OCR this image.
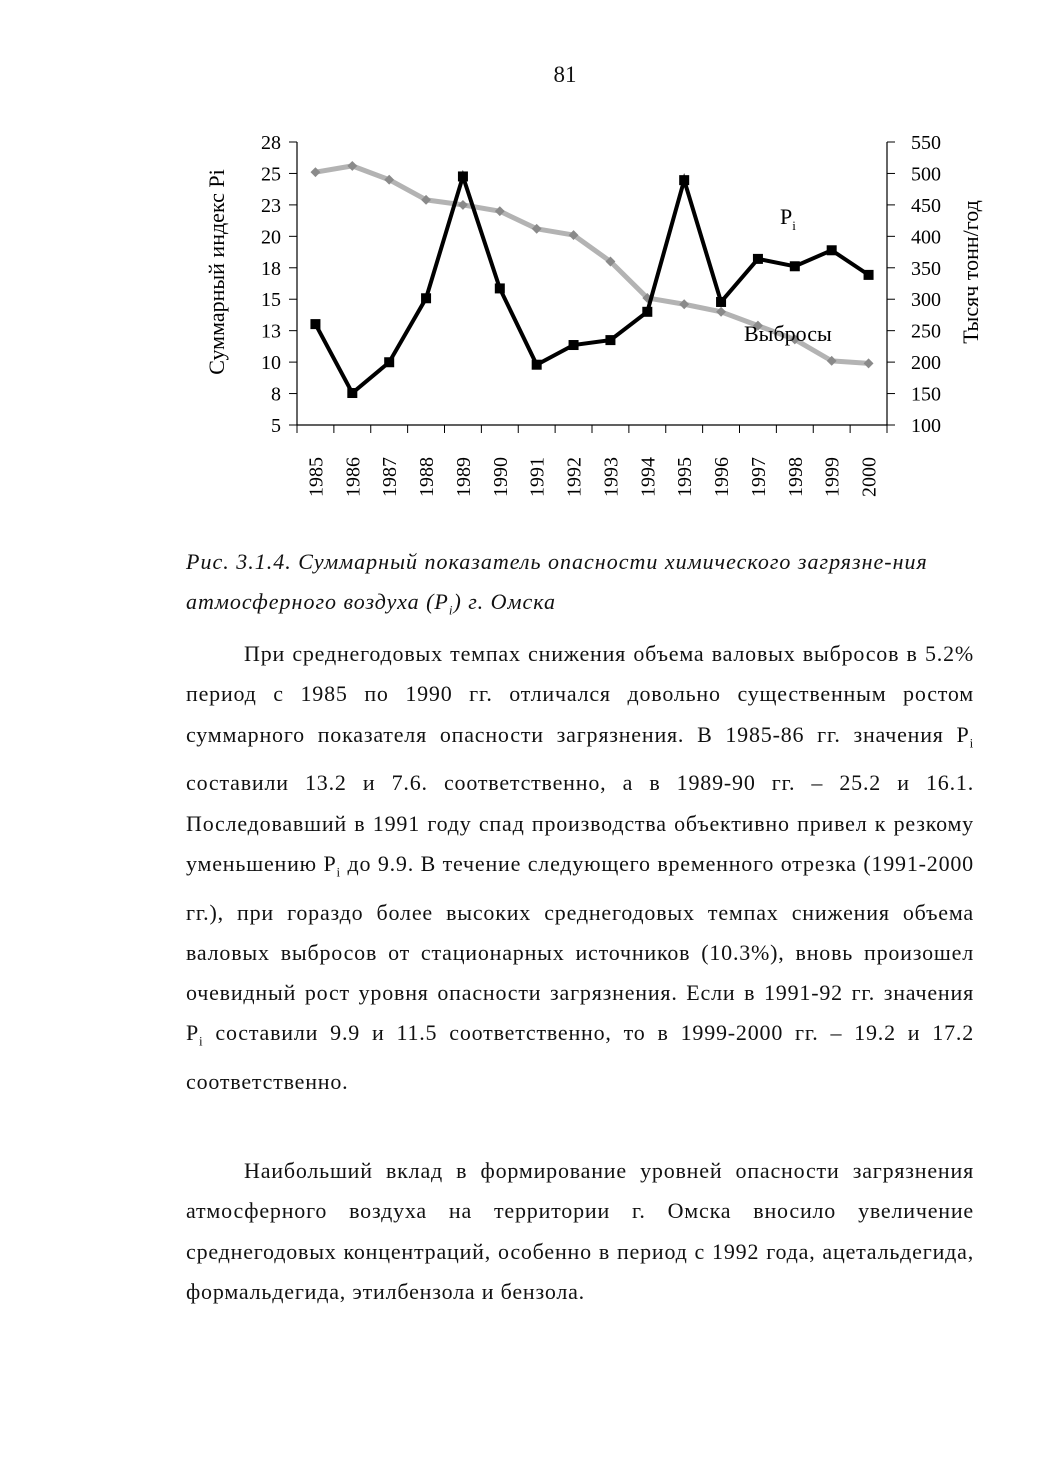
81
28
25
23
20
18
15
13
10
8
5
550
500
450
400
350
300
250
200
150
100
1985 1986 1987 1988 1989 1990 1991 1992 1993 1994 1995 1996 1997 1998 1999 2000
Суммарный индекс Pi	Тысяч тонн/год
$P_i$
Выбросы
Рис. 3.1.4. Суммарный показатель опасности химического загрязне-ния атмосферного воздуха $(P_i)$ г. Омска

При среднегодовых темпах снижения объема валовых выбросов в 5.2% период с 1985 по 1990 гг. отличался довольно существенным ростом суммарного показателя опасности загрязнения. В 1985-86 гг. значения $P_i$ составили 13.2 и 7.6. соответственно, а в 1989-90 гг. – 25.2 и 16.1. Последовавший в 1991 году спад производства объективно привел к резкому уменьшению $P_i$ до 9.9. В течение следующего временного отрезка (1991-2000 гг.), при гораздо более высоких среднегодовых темпах снижения объема валовых выбросов от стационарных источников (10.3%), вновь произошел очевидный рост уровня опасности загрязнения. Если в 1991-92 гг. значения $P_i$ составили 9.9 и 11.5 соответственно, то в 1999-2000 гг. – 19.2 и 17.2 соответственно.

Наибольший вклад в формирование уровней опасности загрязнения атмосферного воздуха на территории г. Омска вносило увеличение среднегодовых концентраций, особенно в период с 1992 года, ацетальдегида, формальдегида, этилбензола и бензола.
